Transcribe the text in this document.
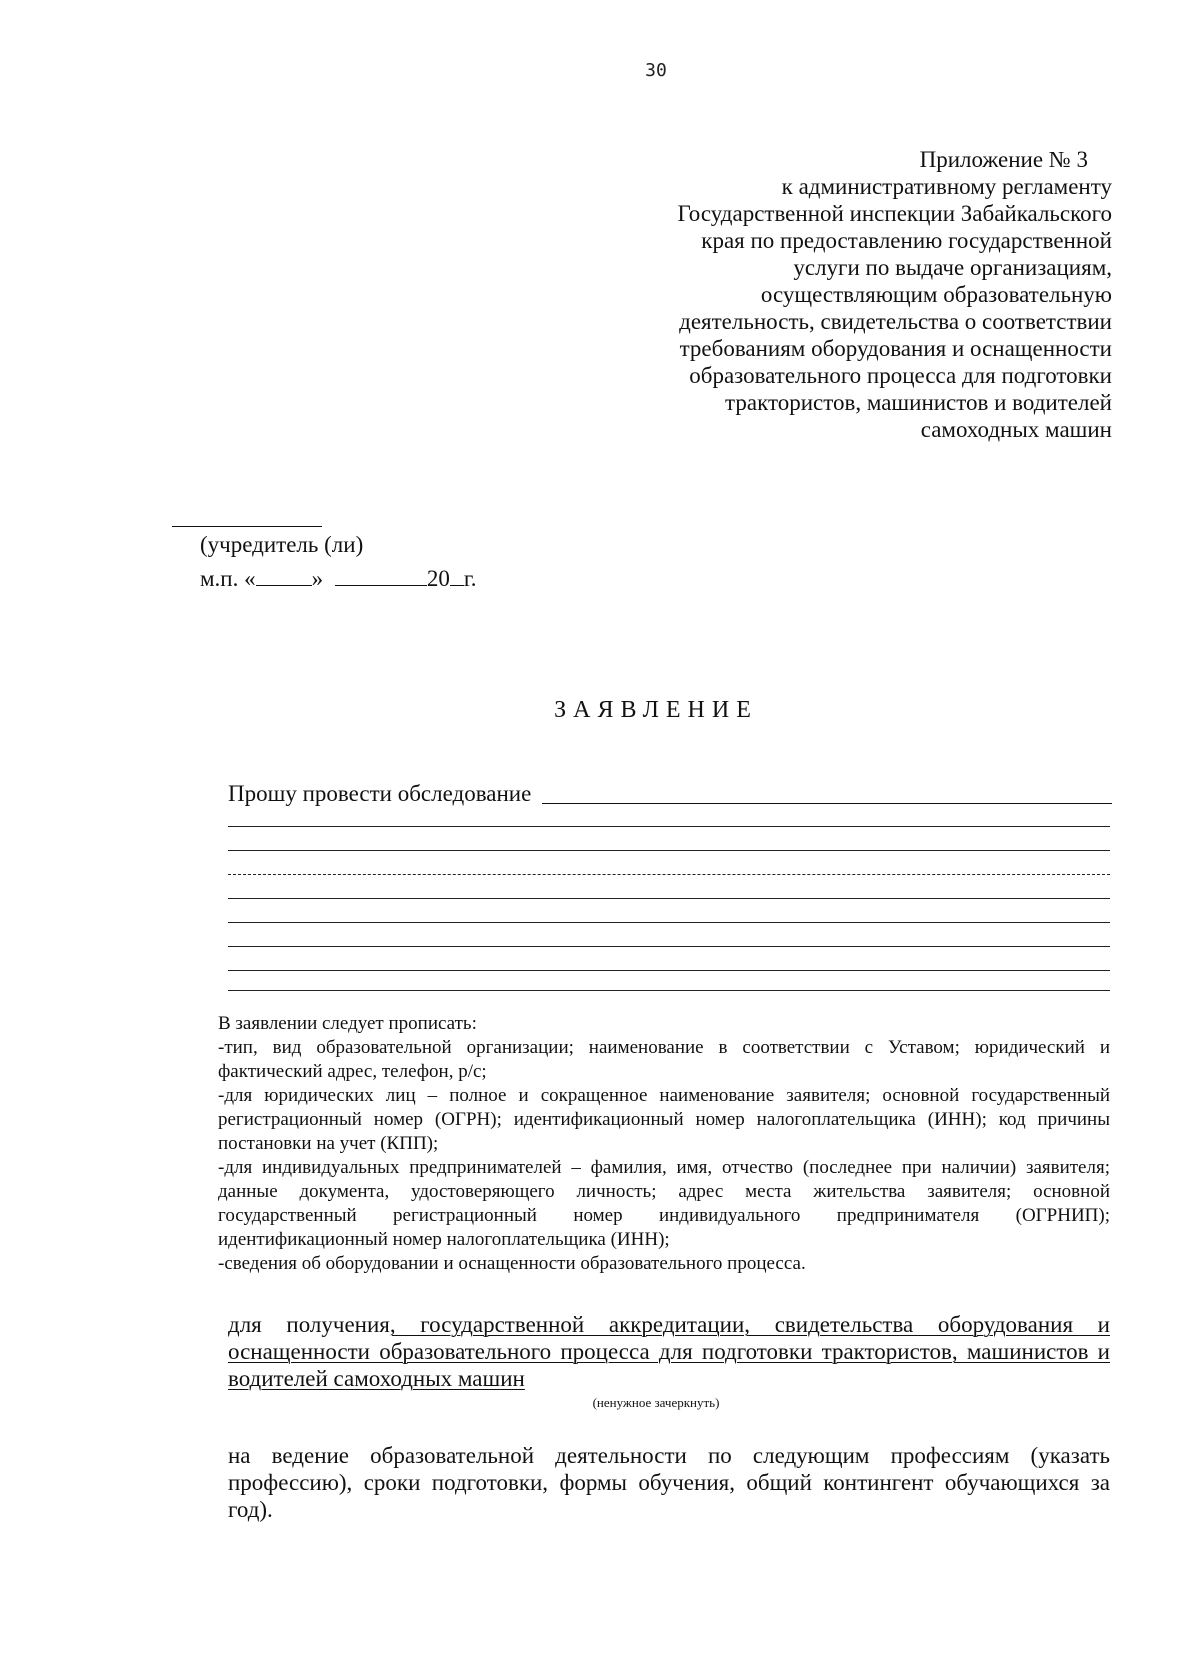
30
Приложение № 3
к административному регламенту
Государственной инспекции Забайкальского
края по предоставлению государственной
услуги по выдаче организациям,
осуществляющим образовательную
деятельность, свидетельства о соответствии
требованиям оборудования и оснащенности
образовательного процесса для подготовки
трактористов, машинистов и водителей
самоходных машин
(учредитель (ли)
м.п. « »	20 г.
ЗАЯВЛЕНИЕ
Прошу провести обследование

В заявлении следует прописать:

-тип, вид образовательной организации; наименование в соответствии с Уставом; юридический и фактический адрес, телефон, р/с;

-для юридических лиц – полное и сокращенное наименование заявителя; основной государственный регистрационный номер (ОГРН); идентификационный номер налогоплательщика (ИНН); код причины постановки на учет (КПП);

-для индивидуальных предпринимателей – фамилия, имя, отчество (последнее при наличии) заявителя; данные документа, удостоверяющего личность; адрес места жительства заявителя; основной государственный регистрационный номер индивидуального предпринимателя (ОГРНИП); идентификационный номер налогоплательщика (ИНН);

-сведения об оборудовании и оснащенности образовательного процесса.

для получения, государственной аккредитации, свидетельства оборудования и оснащенности образовательного процесса для подготовки трактористов, машинистов и водителей самоходных машин
(ненужное зачеркнуть)
на ведение образовательной деятельности по следующим профессиям (указать профессию), сроки подготовки, формы обучения, общий контингент обучающихся за год).
